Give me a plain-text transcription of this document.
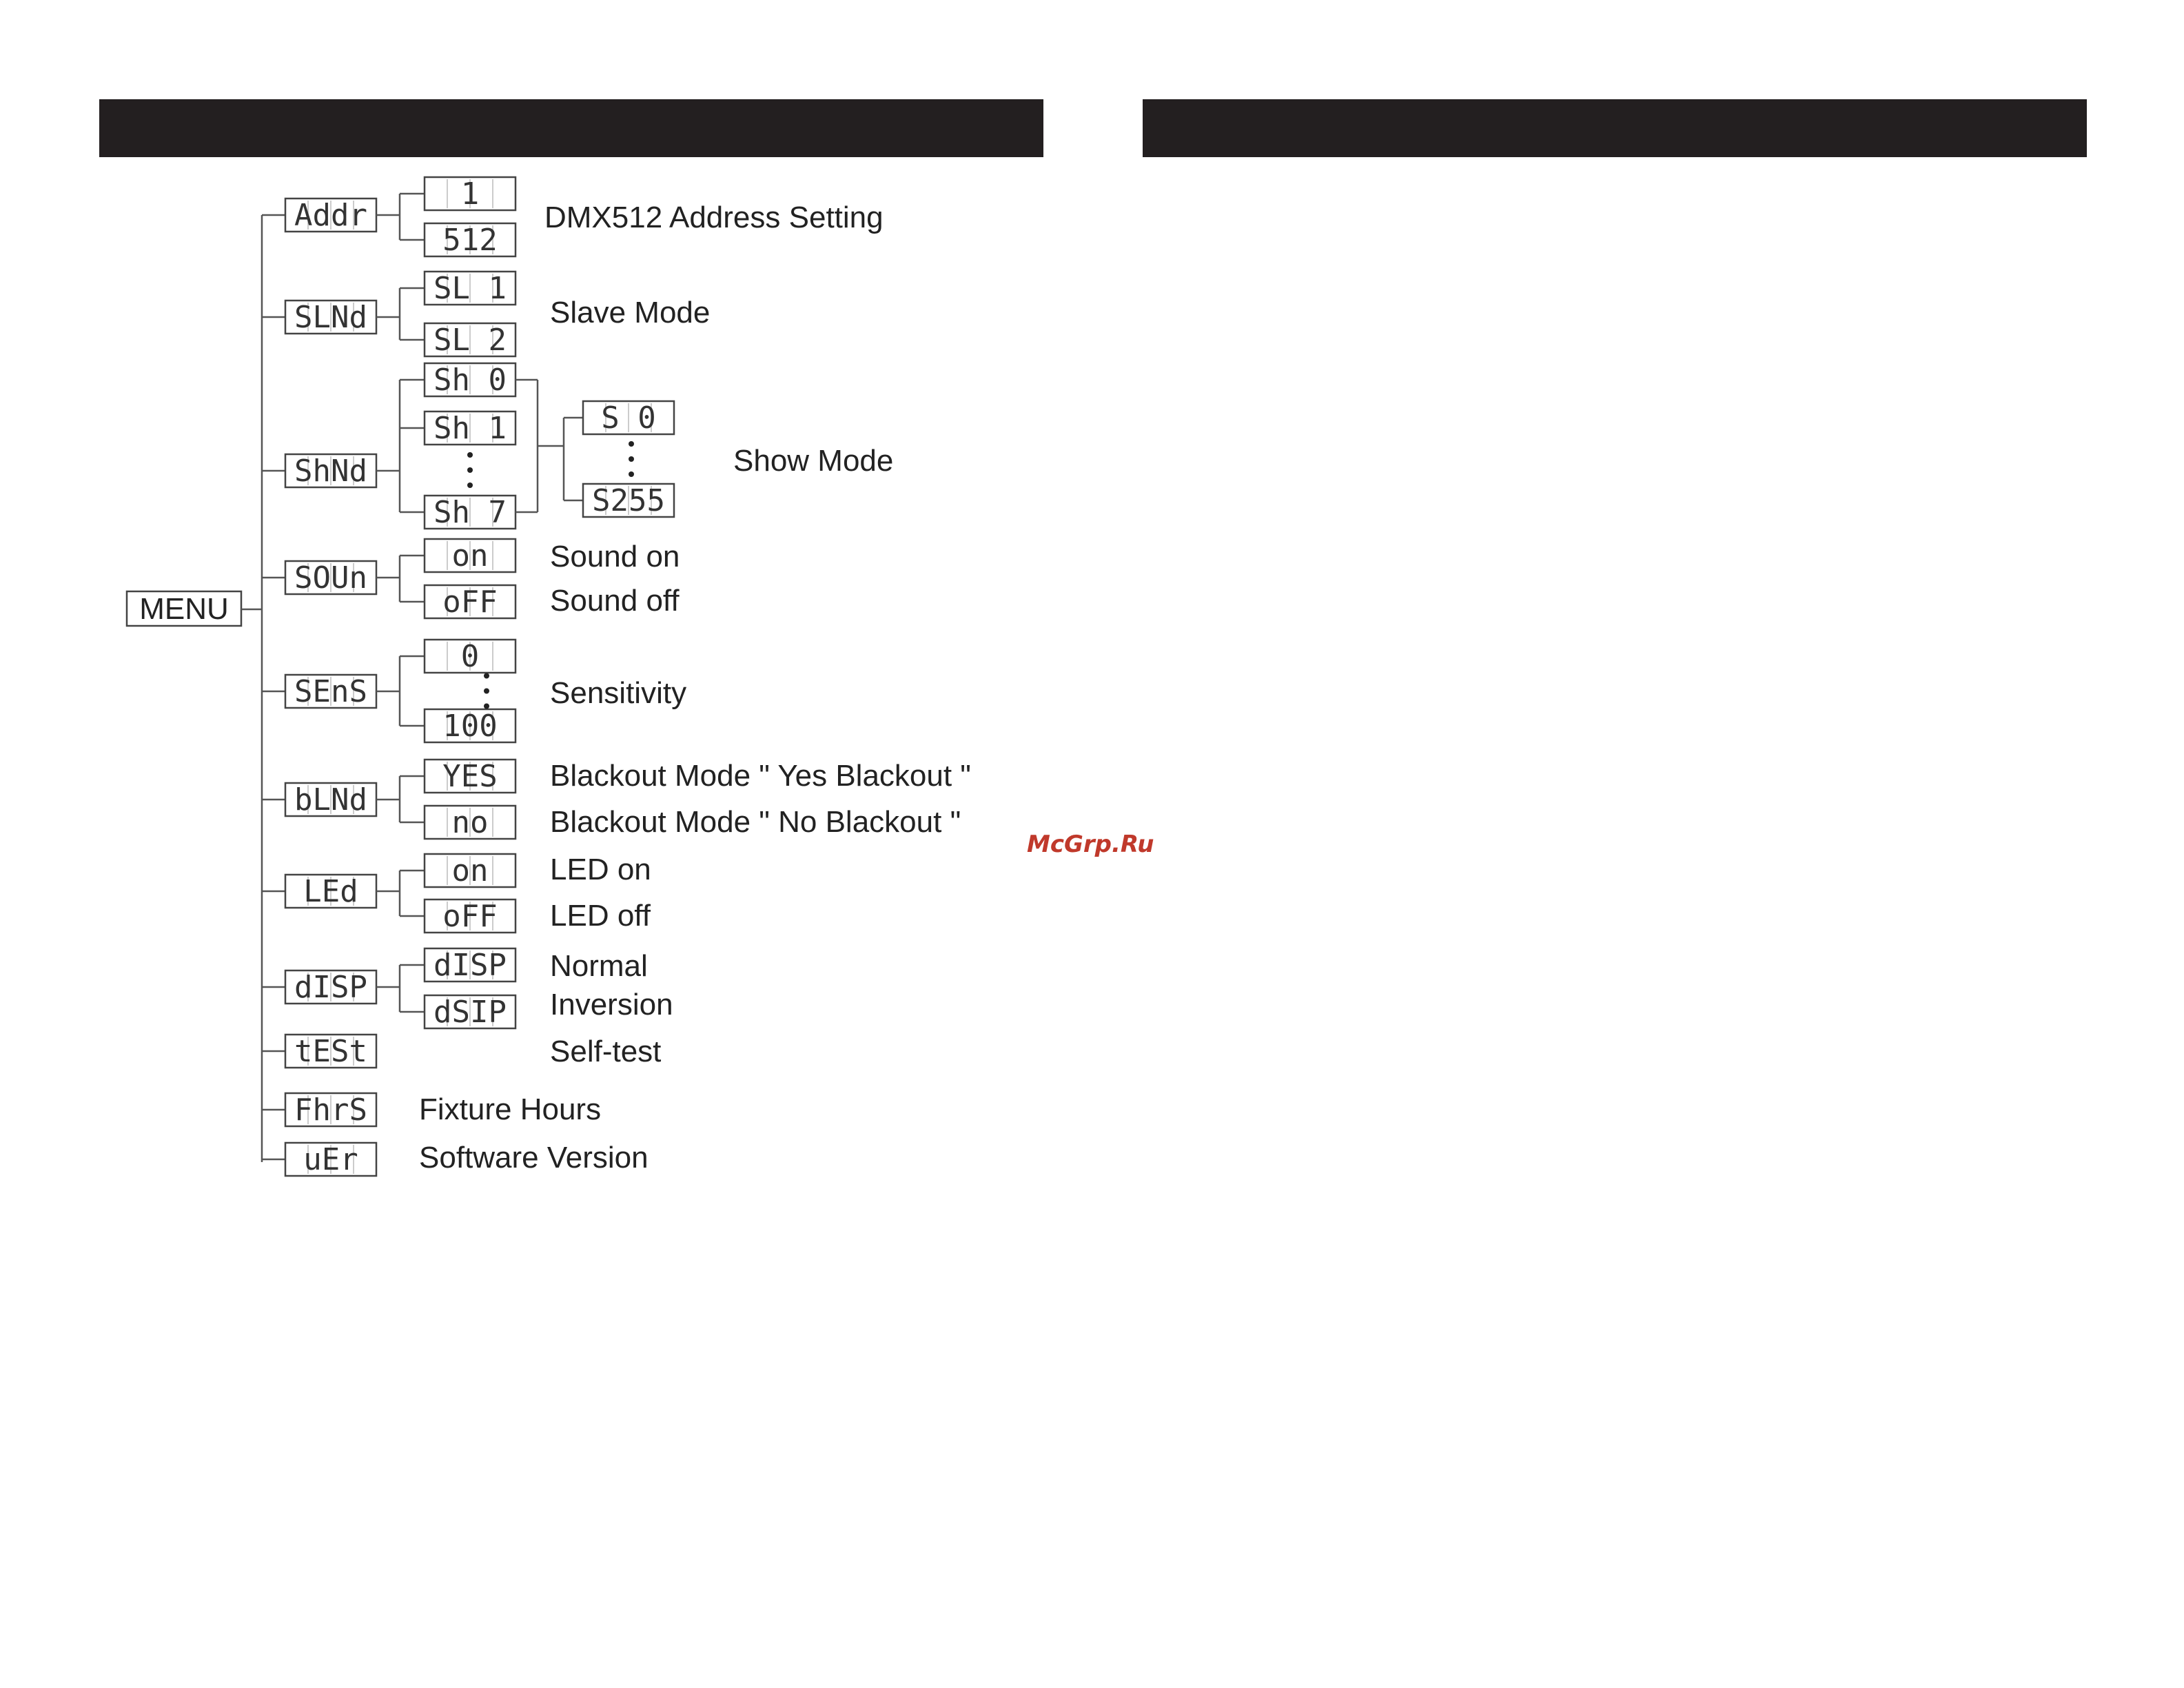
MENU
Addr
1
512
DMX512 Address Setting
SLNd
SL 1
SL 2
Slave Mode
ShNd
Sh 0
Sh 1
Sh 7
S 0
S255
Show Mode
SOUn
on
oFF
Sound on
Sound off
SEnS
0
100
Sensitivity
bLNd
YES
no
Blackout Mode " Yes Blackout "
Blackout Mode " No Blackout "
LEd
on
oFF
LED on
LED off
dISP
dISP
dSIP
Normal
Inversion
tESt	Self-test
FhrS Fixture Hours
uEr Software Version
McGrp.Ru
